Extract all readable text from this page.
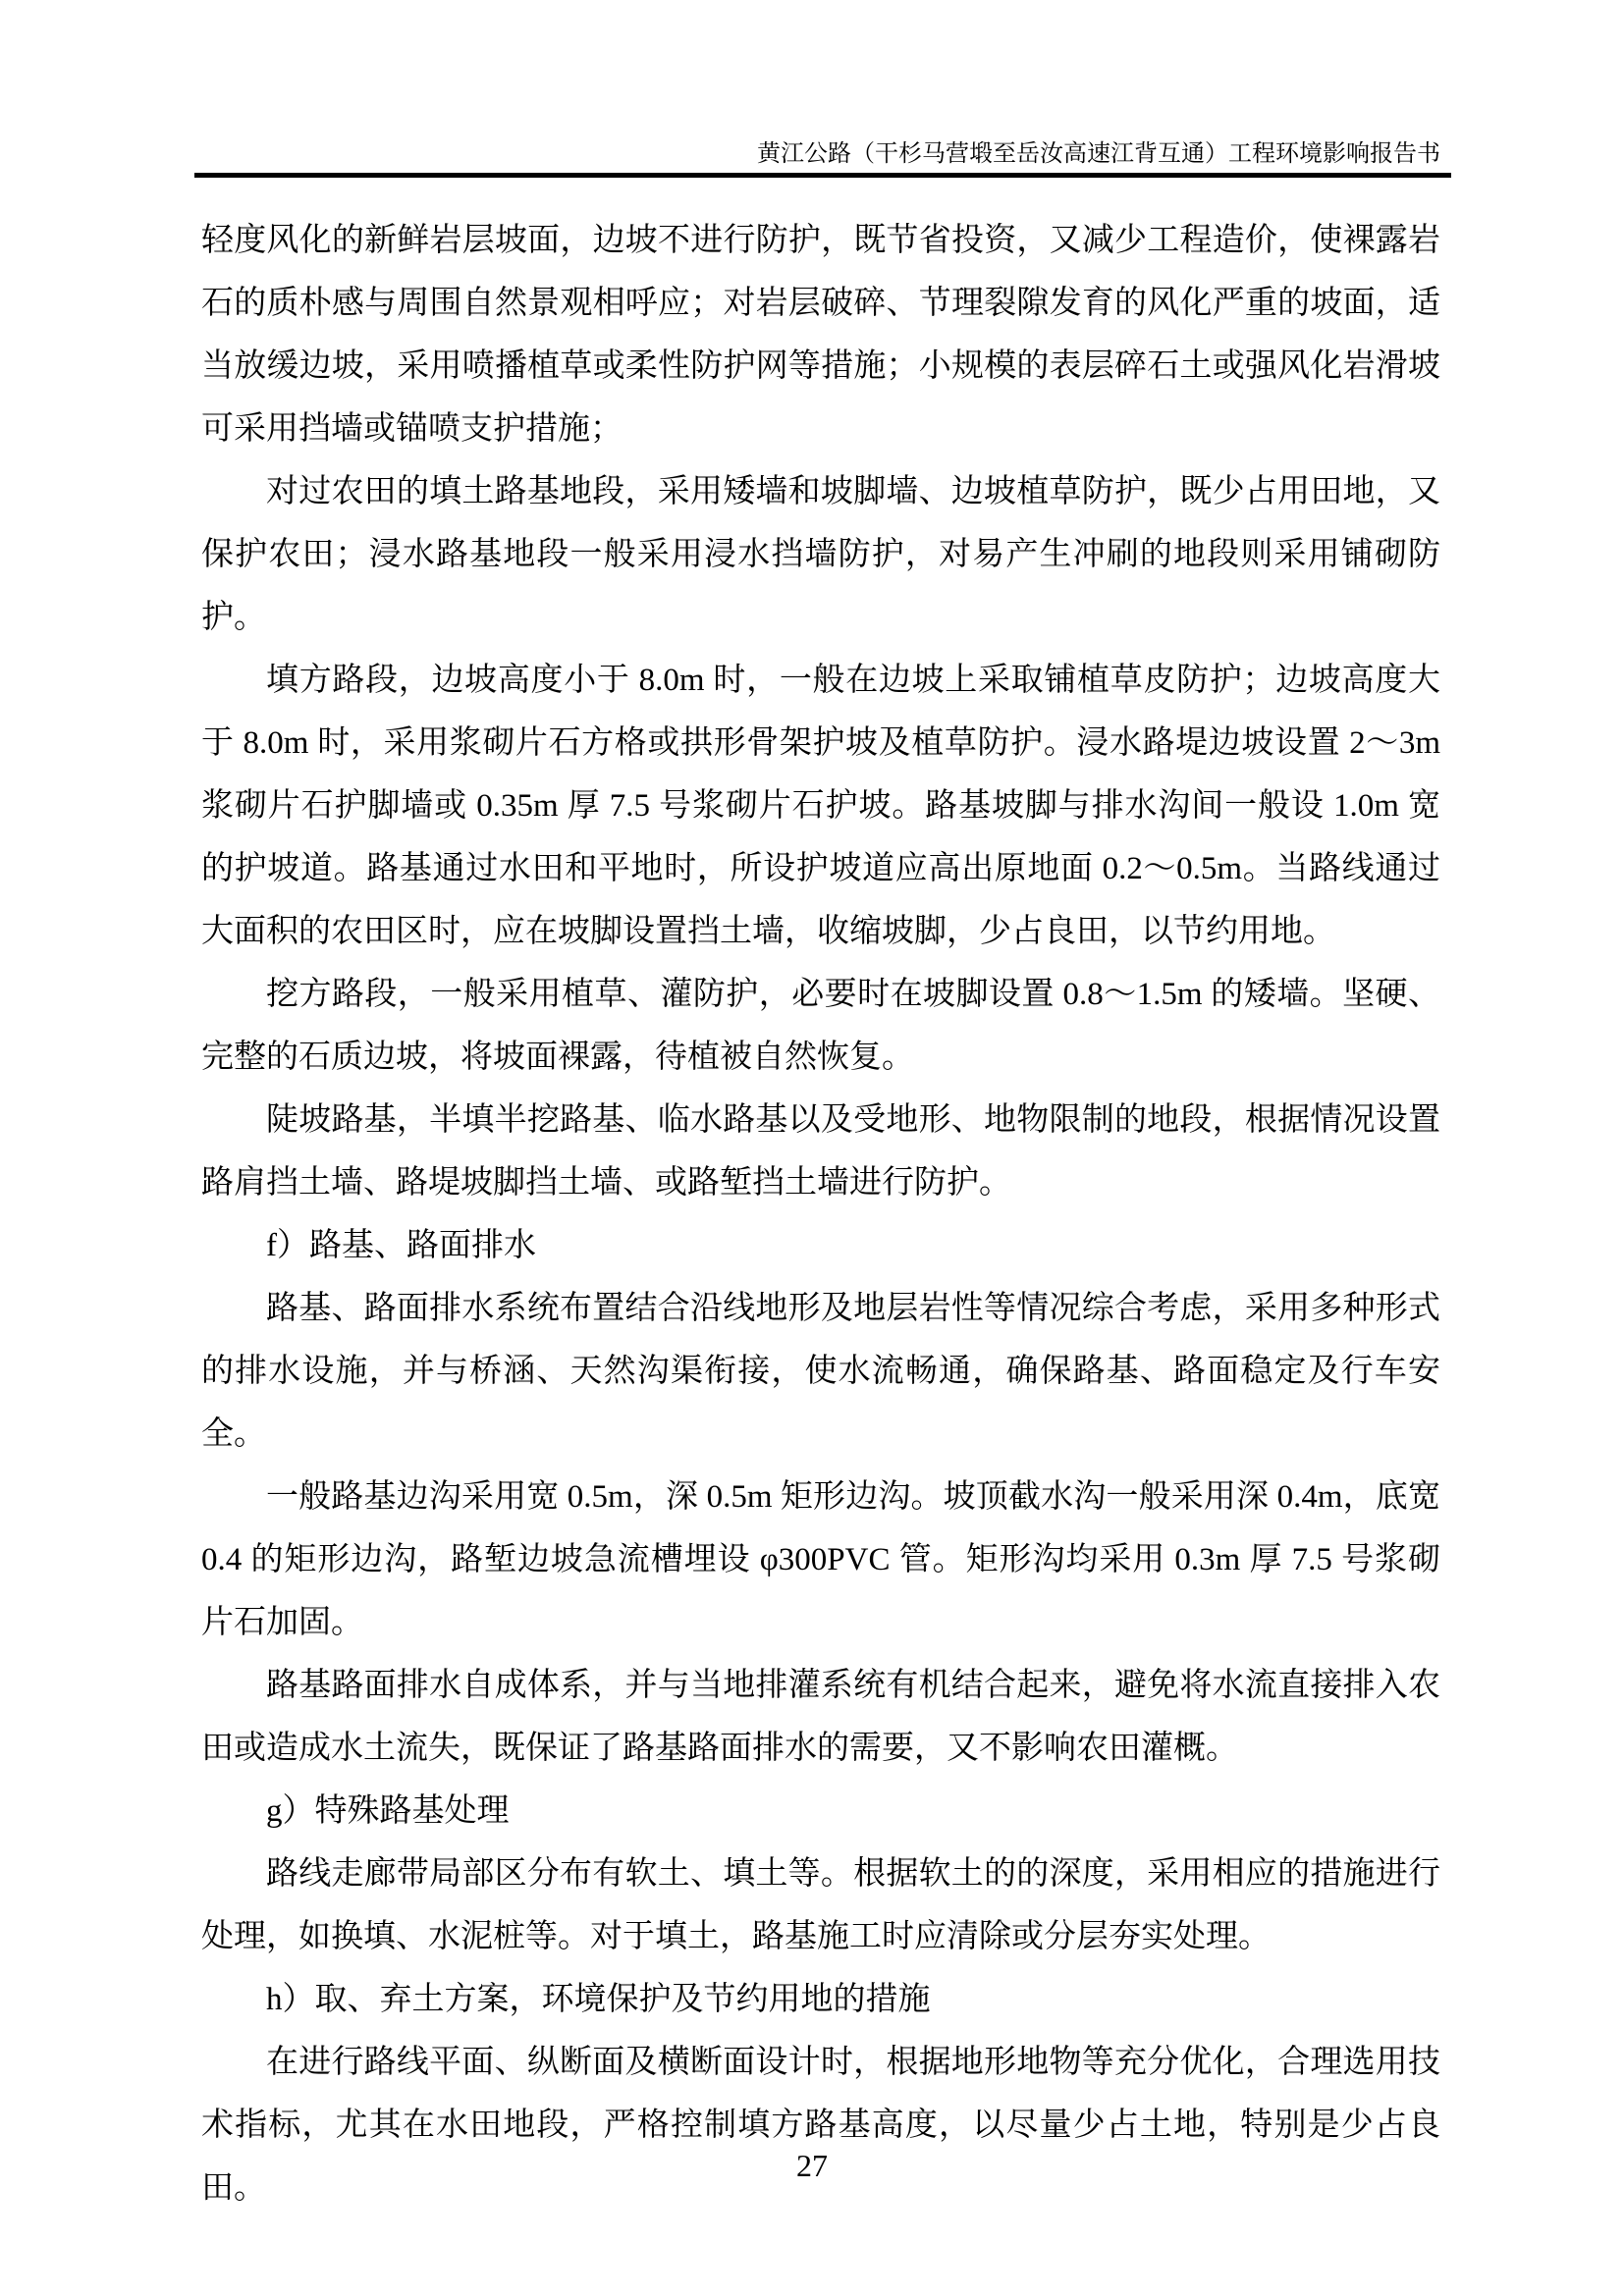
黄江公路（干杉马营塅至岳汝高速江背互通）工程环境影响报告书

轻度风化的新鲜岩层坡面，边坡不进行防护，既节省投资，又减少工程造价，使裸露岩石的质朴感与周围自然景观相呼应；对岩层破碎、节理裂隙发育的风化严重的坡面，适当放缓边坡，采用喷播植草或柔性防护网等措施；小规模的表层碎石土或强风化岩滑坡可采用挡墙或锚喷支护措施；

对过农田的填土路基地段，采用矮墙和坡脚墙、边坡植草防护，既少占用田地，又保护农田；浸水路基地段一般采用浸水挡墙防护，对易产生冲刷的地段则采用铺砌防护。

填方路段，边坡高度小于 8.0m 时，一般在边坡上采取铺植草皮防护；边坡高度大于 8.0m 时，采用浆砌片石方格或拱形骨架护坡及植草防护。浸水路堤边坡设置 2～3m 浆砌片石护脚墙或 0.35m 厚 7.5 号浆砌片石护坡。路基坡脚与排水沟间一般设 1.0m 宽的护坡道。路基通过水田和平地时，所设护坡道应高出原地面 0.2～0.5m。当路线通过大面积的农田区时，应在坡脚设置挡土墙，收缩坡脚，少占良田，以节约用地。

挖方路段，一般采用植草、灌防护，必要时在坡脚设置 0.8～1.5m 的矮墙。坚硬、完整的石质边坡，将坡面裸露，待植被自然恢复。

陡坡路基，半填半挖路基、临水路基以及受地形、地物限制的地段，根据情况设置路肩挡土墙、路堤坡脚挡土墙、或路堑挡土墙进行防护。

f）路基、路面排水

路基、路面排水系统布置结合沿线地形及地层岩性等情况综合考虑，采用多种形式的排水设施，并与桥涵、天然沟渠衔接，使水流畅通，确保路基、路面稳定及行车安全。

一般路基边沟采用宽 0.5m，深 0.5m 矩形边沟。坡顶截水沟一般采用深 0.4m，底宽 0.4 的矩形边沟，路堑边坡急流槽埋设 φ300PVC 管。矩形沟均采用 0.3m 厚 7.5 号浆砌片石加固。

路基路面排水自成体系，并与当地排灌系统有机结合起来，避免将水流直接排入农田或造成水土流失，既保证了路基路面排水的需要，又不影响农田灌概。

g）特殊路基处理

路线走廊带局部区分布有软土、填土等。根据软土的的深度，采用相应的措施进行处理，如换填、水泥桩等。对于填土，路基施工时应清除或分层夯实处理。

h）取、弃土方案，环境保护及节约用地的措施

在进行路线平面、纵断面及横断面设计时，根据地形地物等充分优化，合理选用技术指标，尤其在水田地段，严格控制填方路基高度，以尽量少占土地，特别是少占良田。

27
